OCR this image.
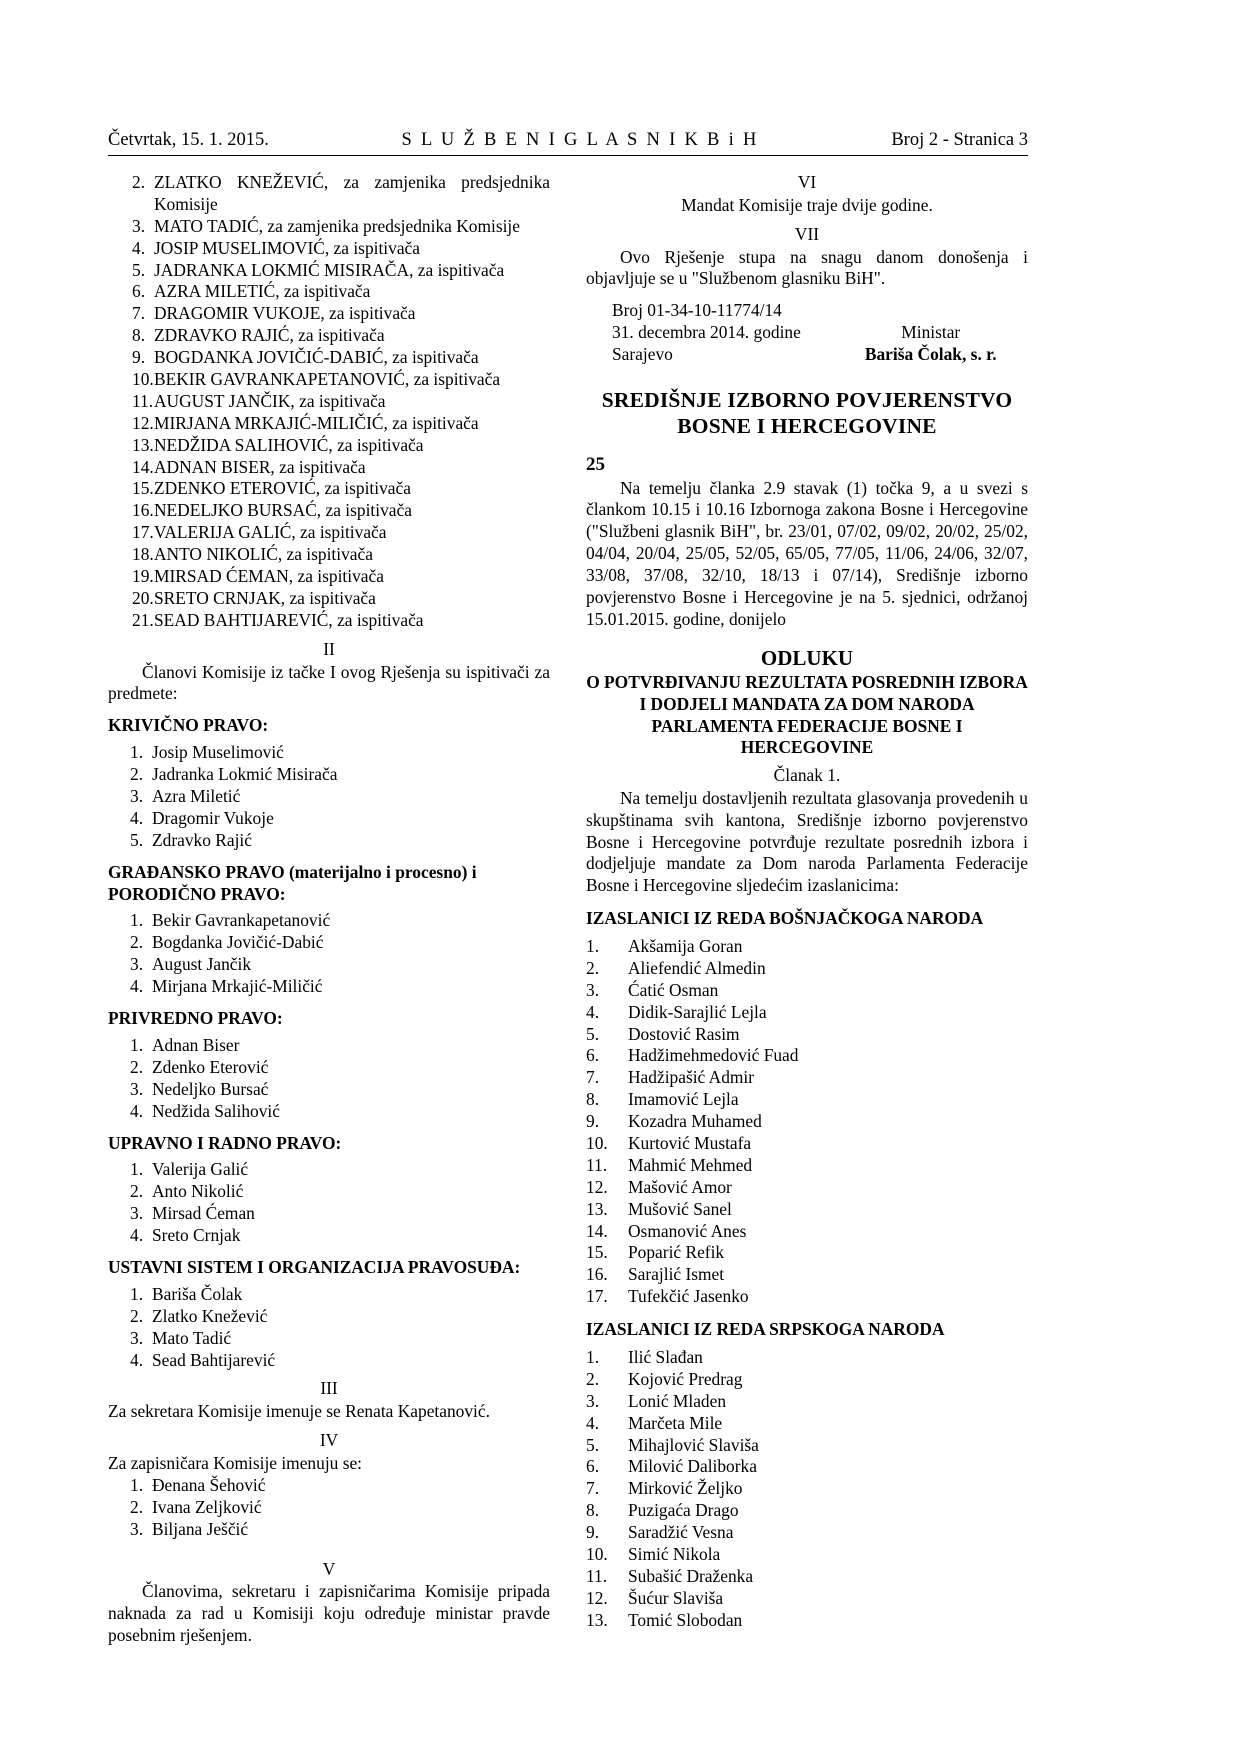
Četvrtak, 15. 1. 2015.	S L U Ž B E N I G L A S N I K B i H	Broj 2 - Stranica 3
2. ZLATKO KNEŽEVIĆ, za zamjenika predsjednika Komisije
3. MATO TADIĆ, za zamjenika predsjednika Komisije
4. JOSIP MUSELIMOVIĆ, za ispitivača
5. JADRANKA LOKMIĆ MISIRAČA, za ispitivača
6. AZRA MILETIĆ, za ispitivača
7. DRAGOMIR VUKOJE, za ispitivača
8. ZDRAVKO RAJIĆ, za ispitivača
9. BOGDANKA JOVIČIĆ-DABIĆ, za ispitivača
10. BEKIR GAVRANKAPETANOVIĆ, za ispitivača
11. AUGUST JANČIK, za ispitivača
12. MIRJANA MRKAJIĆ-MILIČIĆ, za ispitivača
13. NEDŽIDA SALIHOVIĆ, za ispitivača
14. ADNAN BISER, za ispitivača
15. ZDENKO ETEROVIĆ, za ispitivača
16. NEDELJKO BURSAĆ, za ispitivača
17. VALERIJA GALIĆ, za ispitivača
18. ANTO NIKOLIĆ, za ispitivača
19. MIRSAD ĆEMAN, za ispitivača
20. SRETO CRNJAK, za ispitivača
21. SEAD BAHTIJAREVIĆ, za ispitivača
II

Članovi Komisije iz tačke I ovog Rješenja su ispitivači za predmete:

KRIVIČNO PRAVO:
1. Josip Muselimović
2. Jadranka Lokmić Misirača
3. Azra Miletić
4. Dragomir Vukoje
5. Zdravko Rajić
GRAĐANSKO PRAVO (materijalno i procesno) i PORODIČNO PRAVO:
1. Bekir Gavrankapetanović
2. Bogdanka Jovičić-Dabić
3. August Jančik
4. Mirjana Mrkajić-Miličić
PRIVREDNO PRAVO:
1. Adnan Biser
2. Zdenko Eterović
3. Nedeljko Bursać
4. Nedžida Salihović
UPRAVNO I RADNO PRAVO:
1. Valerija Galić
2. Anto Nikolić
3. Mirsad Ćeman
4. Sreto Crnjak
USTAVNI SISTEM I ORGANIZACIJA PRAVOSUĐA:
1. Bariša Čolak
2. Zlatko Knežević
3. Mato Tadić
4. Sead Bahtijarević
III

Za sekretara Komisije imenuje se Renata Kapetanović.

IV

Za zapisničara Komisije imenuju se:

1. Đenana Šehović
2. Ivana Zeljković
3. Biljana Ješčić
V

Članovima, sekretaru i zapisničarima Komisije pripada naknada za rad u Komisiji koju određuje ministar pravde posebnim rješenjem.

VI

Mandat Komisije traje dvije godine.

VII

Ovo Rješenje stupa na snagu danom donošenja i objavljuje se u "Službenom glasniku BiH".

Broj 01-34-10-11774/14
31. decembra 2014. godine	Ministar
Sarajevo	Bariša Čolak, s. r.
SREDIŠNJE IZBORNO POVJERENSTVO
BOSNE I HERCEGOVINE
25

Na temelju članka 2.9 stavak (1) točka 9, a u svezi s člankom 10.15 i 10.16 Izbornoga zakona Bosne i Hercegovine ("Službeni glasnik BiH", br. 23/01, 07/02, 09/02, 20/02, 25/02, 04/04, 20/04, 25/05, 52/05, 65/05, 77/05, 11/06, 24/06, 32/07, 33/08, 37/08, 32/10, 18/13 i 07/14), Središnje izborno povjerenstvo Bosne i Hercegovine je na 5. sjednici, održanoj 15.01.2015. godine, donijelo

ODLUKU
O POTVRĐIVANJU REZULTATA POSREDNIH IZBORA
I DODJELI MANDATA ZA DOM NARODA
PARLAMENTA FEDERACIJE BOSNE I HERCEGOVINE
Članak 1.

Na temelju dostavljenih rezultata glasovanja provedenih u skupštinama svih kantona, Središnje izborno povjerenstvo Bosne i Hercegovine potvrđuje rezultate posrednih izbora i dodjeljuje mandate za Dom naroda Parlamenta Federacije Bosne i Hercegovine sljedećim izaslanicima:

IZASLANICI IZ REDA BOŠNJAČKOGA NARODA
1.	Akšamija Goran
2.	Aliefendić Almedin
3.	Ćatić Osman
4.	Didik-Sarajlić Lejla
5.	Dostović Rasim
6.	Hadžimehmedović Fuad
7.	Hadžipašić Admir
8.	Imamović Lejla
9.	Kozadra Muhamed
10.	Kurtović Mustafa
11.	Mahmić Mehmed
12.	Mašović Amor
13.	Mušović Sanel
14.	Osmanović Anes
15.	Poparić Refik
16.	Sarajlić Ismet
17.	Tufekčić Jasenko
IZASLANICI IZ REDA SRPSKOGA NARODA
1.	Ilić Slađan
2.	Kojović Predrag
3.	Lonić Mladen
4.	Marčeta Mile
5.	Mihajlović Slaviša
6.	Milović Daliborka
7.	Mirković Željko
8.	Puzigaća Drago
9.	Saradžić Vesna
10.	Simić Nikola
11.	Subašić Draženka
12.	Šućur Slaviša
13.	Tomić Slobodan
